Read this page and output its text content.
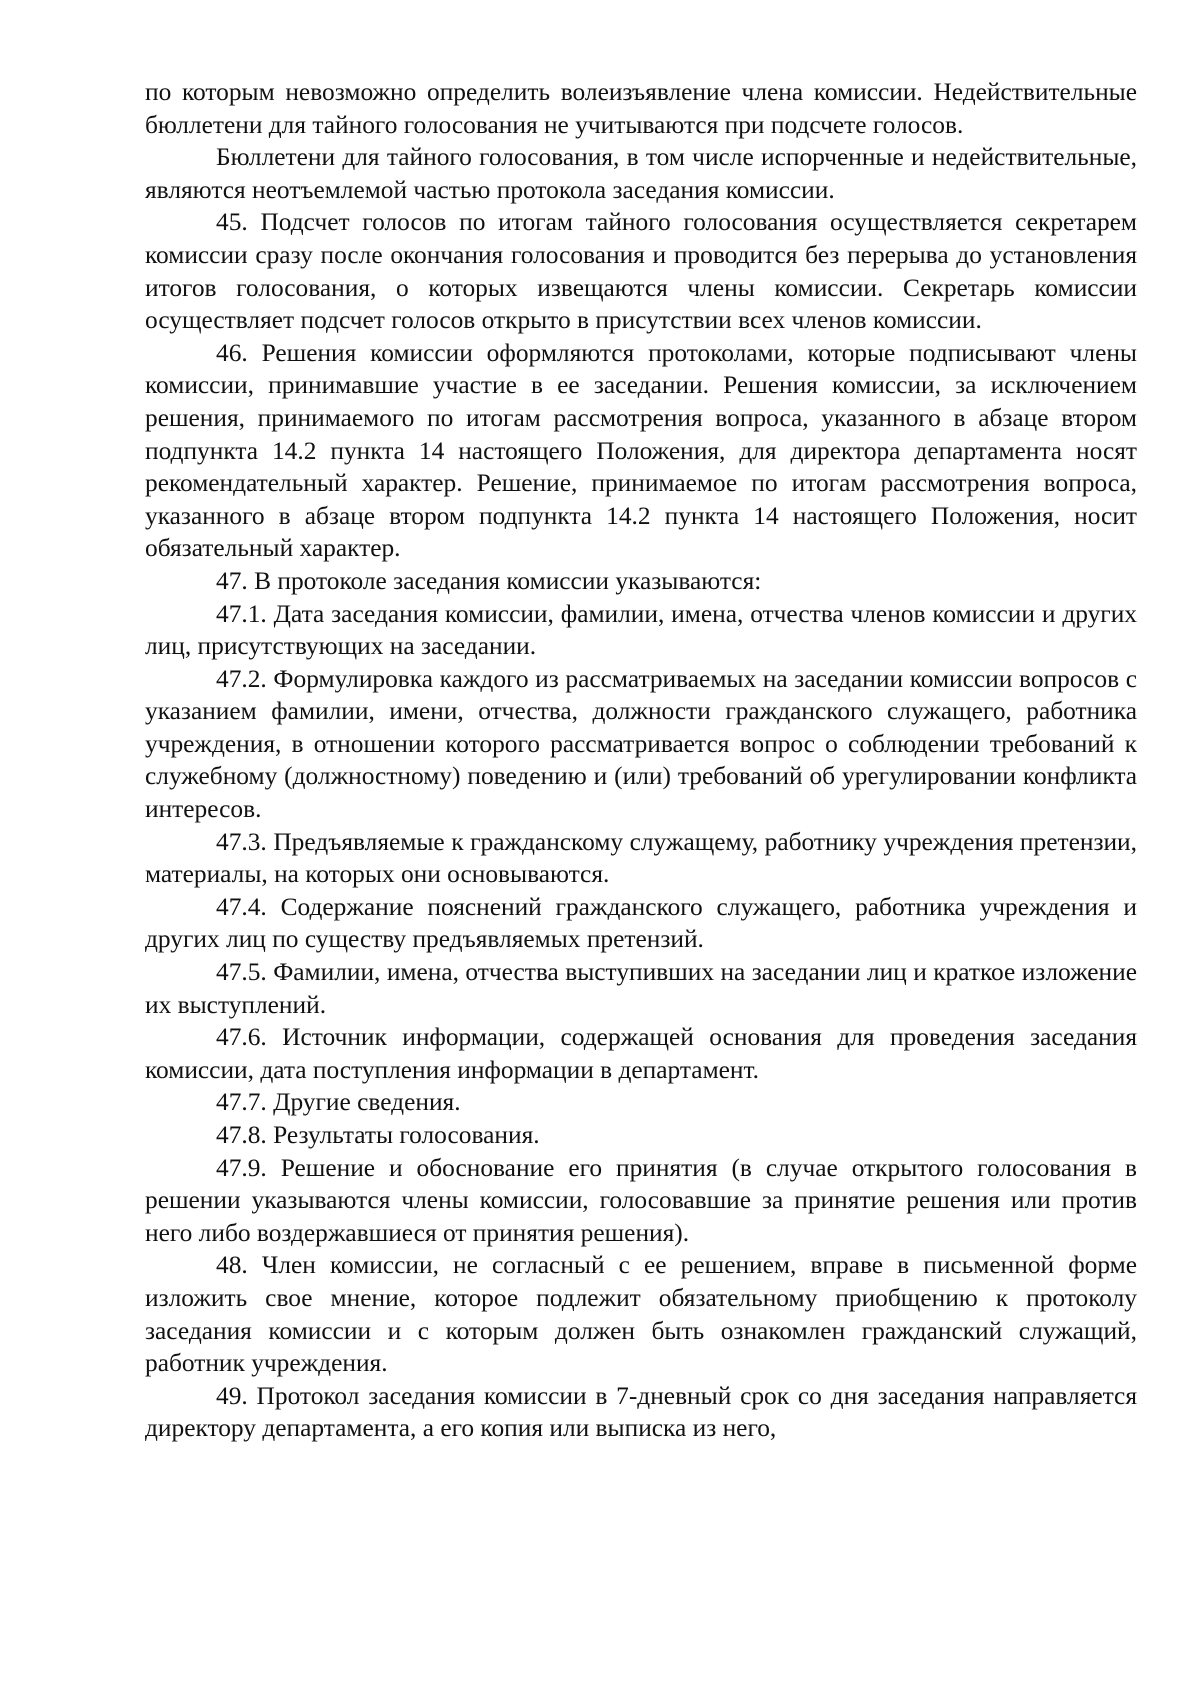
по которым невозможно определить волеизъявление члена комиссии. Недействительные бюллетени для тайного голосования не учитываются при подсчете голосов.

Бюллетени для тайного голосования, в том числе испорченные и недействительные, являются неотъемлемой частью протокола заседания комиссии.

45. Подсчет голосов по итогам тайного голосования осуществляется секретарем комиссии сразу после окончания голосования и проводится без перерыва до установления итогов голосования, о которых извещаются члены комиссии. Секретарь комиссии осуществляет подсчет голосов открыто в присутствии всех членов комиссии.

46. Решения комиссии оформляются протоколами, которые подписывают члены комиссии, принимавшие участие в ее заседании. Решения комиссии, за исключением решения, принимаемого по итогам рассмотрения вопроса, указанного в абзаце втором подпункта 14.2 пункта 14 настоящего Положения, для директора департамента носят рекомендательный характер. Решение, принимаемое по итогам рассмотрения вопроса, указанного в абзаце втором подпункта 14.2 пункта 14 настоящего Положения, носит обязательный характер.

47. В протоколе заседания комиссии указываются:

47.1. Дата заседания комиссии, фамилии, имена, отчества членов комиссии и других лиц, присутствующих на заседании.

47.2. Формулировка каждого из рассматриваемых на заседании комиссии вопросов с указанием фамилии, имени, отчества, должности гражданского служащего, работника учреждения, в отношении которого рассматривается вопрос о соблюдении требований к служебному (должностному) поведению и (или) требований об урегулировании конфликта интересов.

47.3. Предъявляемые к гражданскому служащему, работнику учреждения претензии, материалы, на которых они основываются.

47.4. Содержание пояснений гражданского служащего, работника учреждения и других лиц по существу предъявляемых претензий.

47.5. Фамилии, имена, отчества выступивших на заседании лиц и краткое изложение их выступлений.

47.6. Источник информации, содержащей основания для проведения заседания комиссии, дата поступления информации в департамент.

47.7. Другие сведения.

47.8. Результаты голосования.

47.9. Решение и обоснование его принятия (в случае открытого голосования в решении указываются члены комиссии, голосовавшие за принятие решения или против него либо воздержавшиеся от принятия решения).

48. Член комиссии, не согласный с ее решением, вправе в письменной форме изложить свое мнение, которое подлежит обязательному приобщению к протоколу заседания комиссии и с которым должен быть ознакомлен гражданский служащий, работник учреждения.

49. Протокол заседания комиссии в 7-дневный срок со дня заседания направляется директору департамента, а его копия или выписка из него,
